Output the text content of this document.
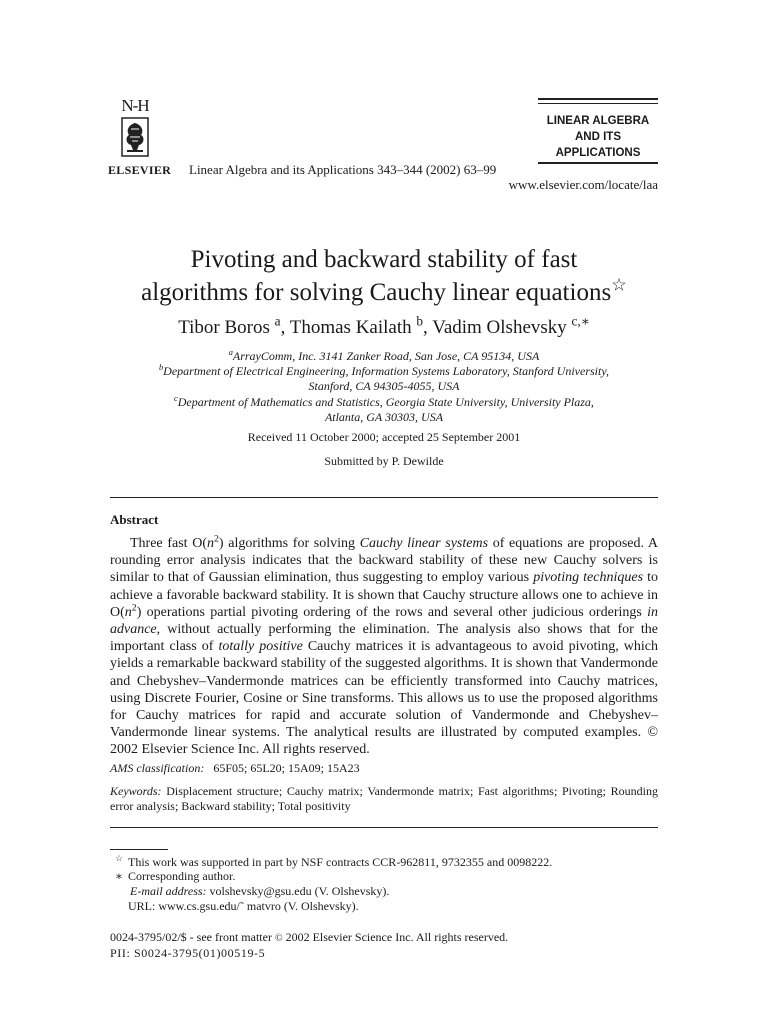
N-H
ELSEVIER Linear Algebra and its Applications 343–344 (2002) 63–99
www.elsevier.com/locate/laa
LINEAR ALGEBRA
AND ITS
APPLICATIONS
Pivoting and backward stability of fast
algorithms for solving Cauchy linear equations☆
Tibor Boros $^a$, Thomas Kailath $^b$, Vadim Olshevsky $^{c,∗}$
$^a$ArrayComm, Inc. 3141 Zanker Road, San Jose, CA 95134, USA
$^b$Department of Electrical Engineering, Information Systems Laboratory, Stanford University,
Stanford, CA 94305-4055, USA
$^c$Department of Mathematics and Statistics, Georgia State University, University Plaza,
Atlanta, GA 30303, USA
Received 11 October 2000; accepted 25 September 2001
Submitted by P. Dewilde
Abstract
Three fast $O(n^2)$ algorithms for solving Cauchy linear systems of equations are proposed. A rounding error analysis indicates that the backward stability of these new Cauchy solvers is similar to that of Gaussian elimination, thus suggesting to employ various pivoting techniques to achieve a favorable backward stability. It is shown that Cauchy structure allows one to achieve in $O(n^2)$ operations partial pivoting ordering of the rows and several other judicious orderings in advance, without actually performing the elimination. The analysis also shows that for the important class of totally positive Cauchy matrices it is advantageous to avoid pivoting, which yields a remarkable backward stability of the suggested algorithms. It is shown that Vandermonde and Chebyshev–Vandermonde matrices can be efficiently transformed into Cauchy matrices, using Discrete Fourier, Cosine or Sine transforms. This allows us to use the proposed algorithms for Cauchy matrices for rapid and accurate solution of Vandermonde and Chebyshev–Vandermonde linear systems. The analytical results are illustrated by computed examples. © 2002 Elsevier Science Inc. All rights reserved.
AMS classification: 65F05; 65L20; 15A09; 15A23
Keywords: Displacement structure; Cauchy matrix; Vandermonde matrix; Fast algorithms; Pivoting; Rounding error analysis; Backward stability; Total positivity
☆ This work was supported in part by NSF contracts CCR-962811, 9732355 and 0098222.
∗ Corresponding author.
E-mail address: volshevsky@gsu.edu (V. Olshevsky).
URL: www.cs.gsu.edu/˜ matvro (V. Olshevsky).
0024-3795/02/$ - see front matter © 2002 Elsevier Science Inc. All rights reserved.
PII: S0024-3795(01)00519-5
